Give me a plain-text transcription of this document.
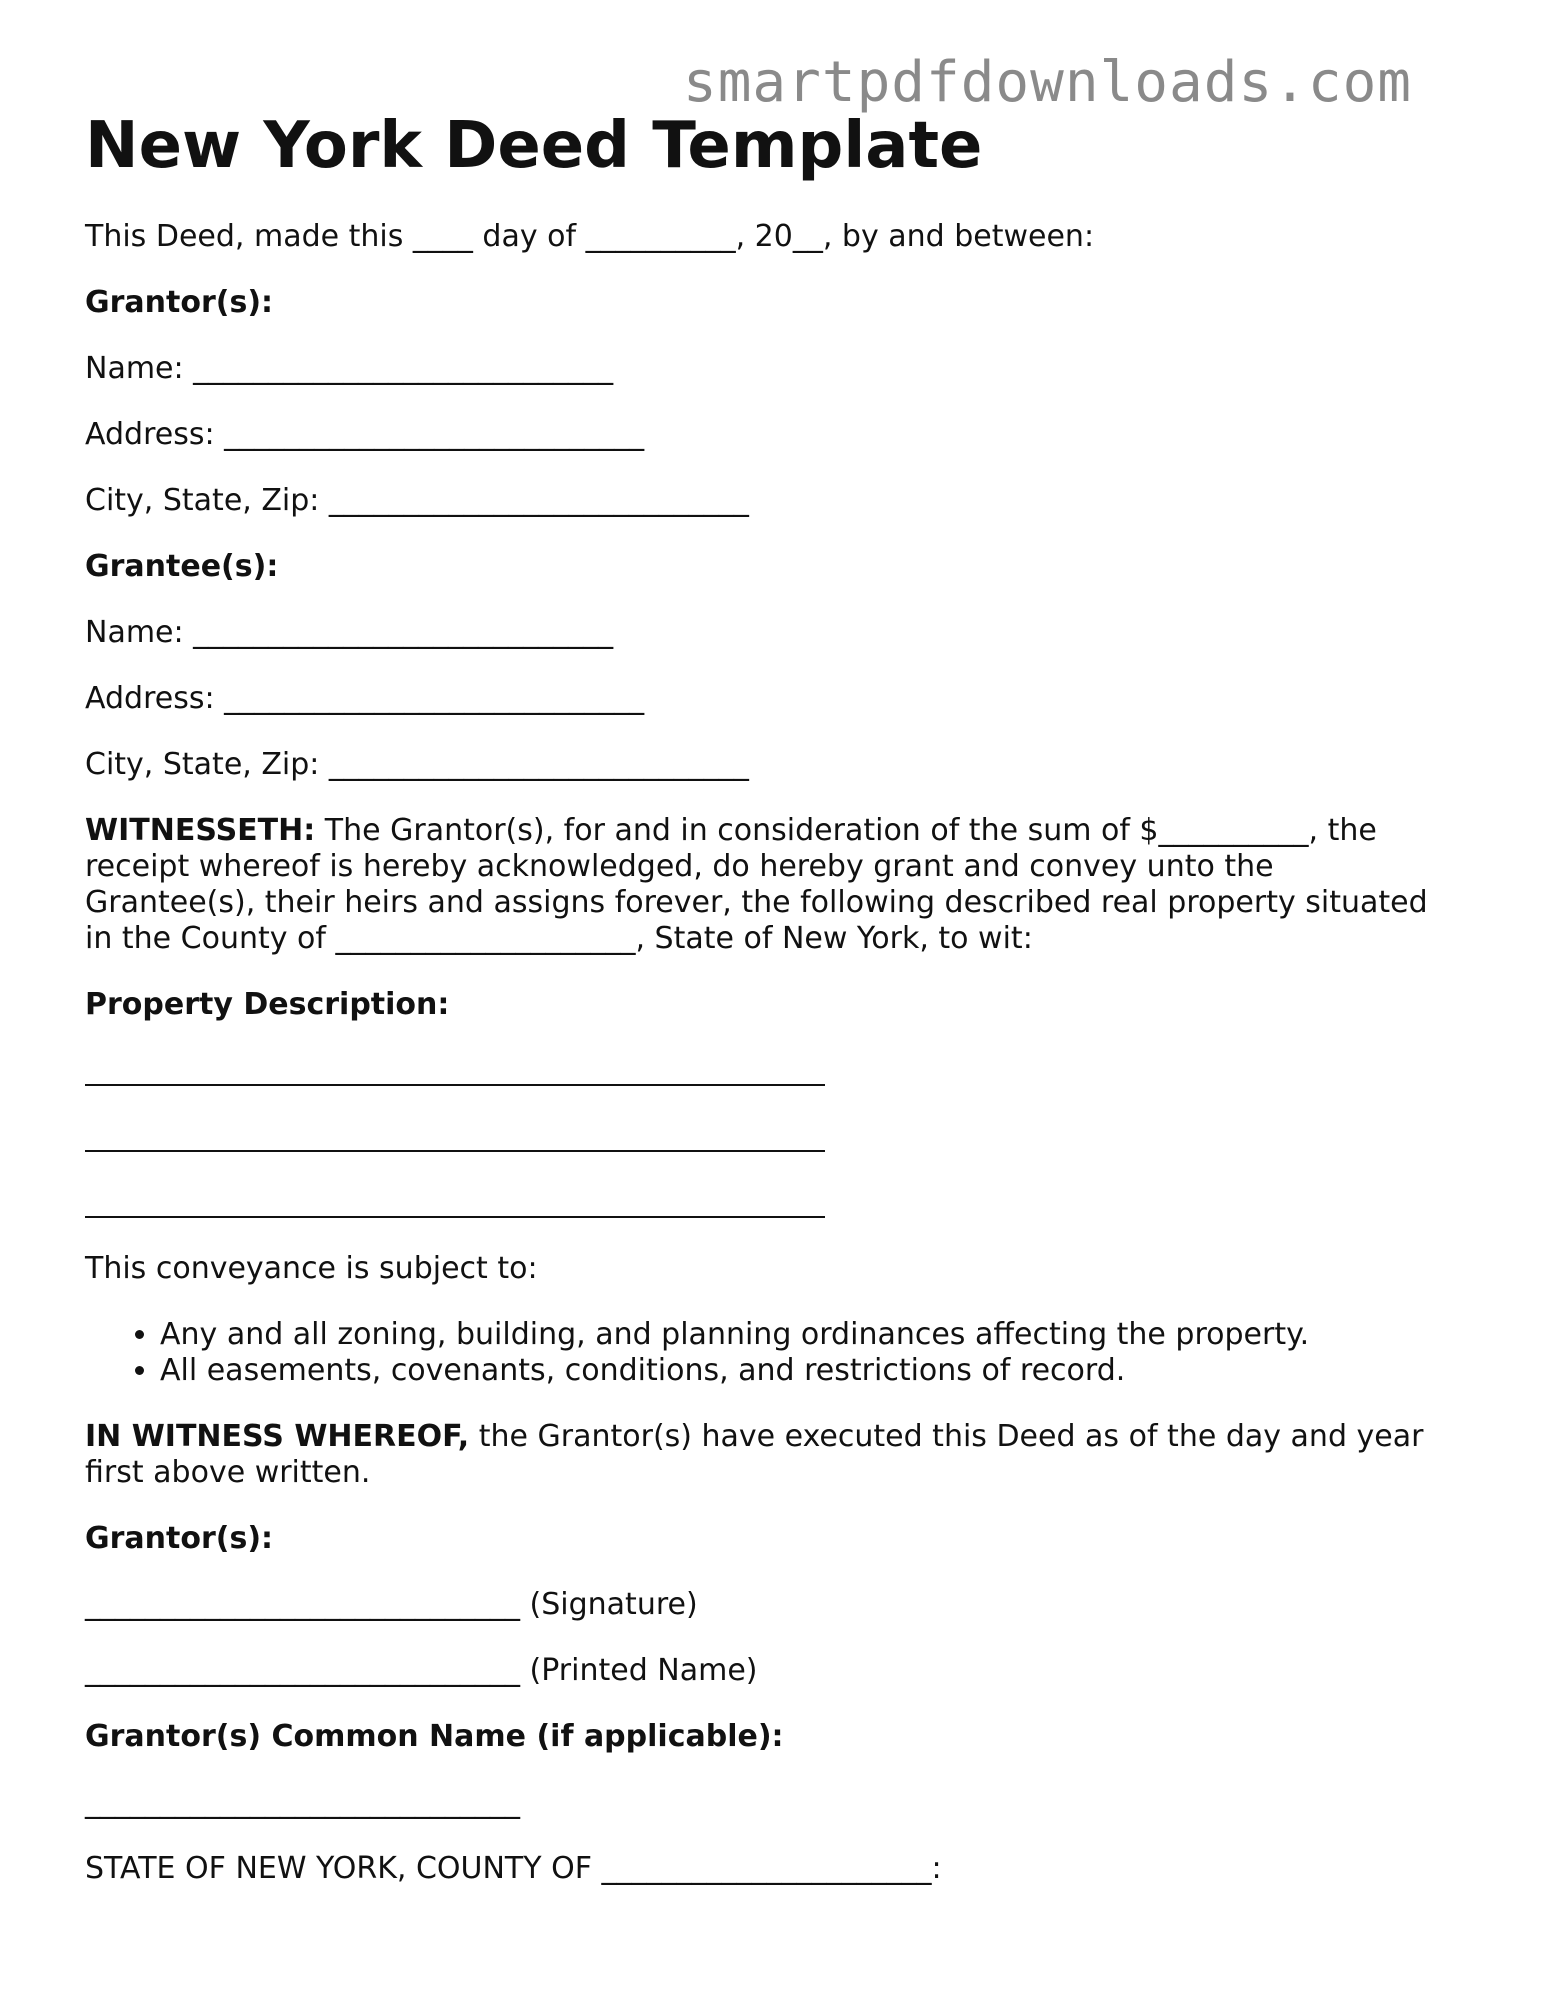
smartpdfdownloads.com
New York Deed Template
This Deed, made this ____ day of __________, 20__, by and between:
Grantor(s):
Name: ____________________________
Address: ____________________________
City, State, Zip: ____________________________
Grantee(s):
Name: ____________________________
Address: ____________________________
City, State, Zip: ____________________________
WITNESSETH: The Grantor(s), for and in consideration of the sum of $__________, the
receipt whereof is hereby acknowledged, do hereby grant and convey unto the
Grantee(s), their heirs and assigns forever, the following described real property situated
in the County of ____________________, State of New York, to wit:
Property Description:
This conveyance is subject to:
• Any and all zoning, building, and planning ordinances affecting the property.
• All easements, covenants, conditions, and restrictions of record.
IN WITNESS WHEREOF, the Grantor(s) have executed this Deed as of the day and year
first above written.
Grantor(s):
_____________________________ (Signature)
_____________________________ (Printed Name)
Grantor(s) Common Name (if applicable):
_____________________________
STATE OF NEW YORK, COUNTY OF ______________________:
